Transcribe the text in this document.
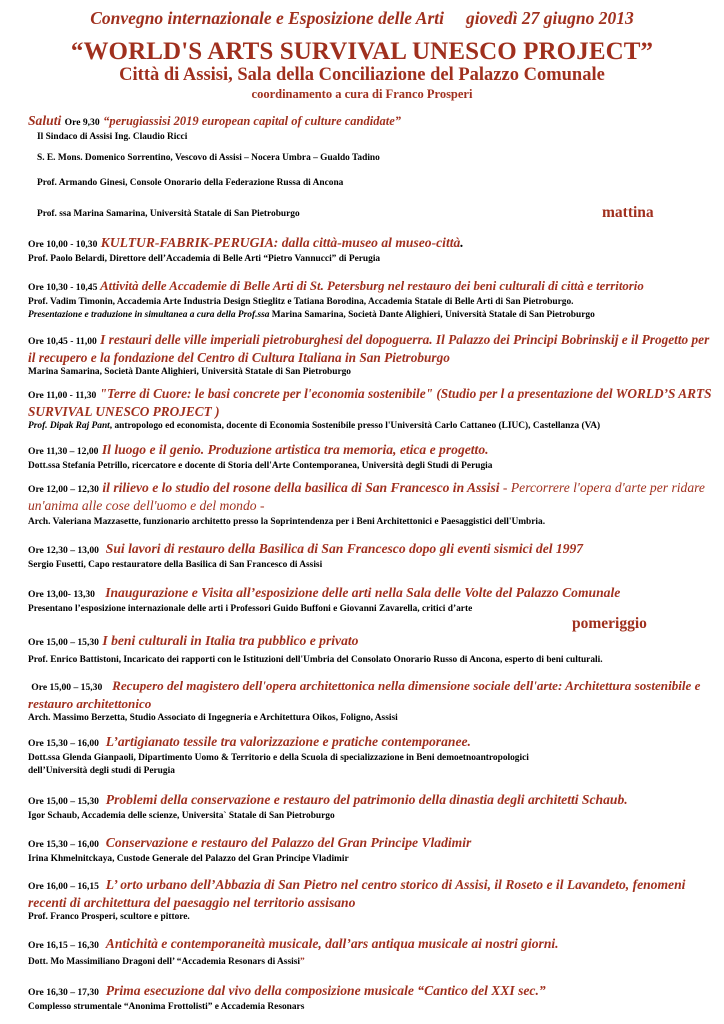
Convegno internazionale e Esposizione delle Arti giovedì 27 giugno 2013
“WORLD'S ARTS SURVIVAL UNESCO PROJECT”
Città di Assisi, Sala della Conciliazione del Palazzo Comunale
coordinamento a cura di Franco Prosperi
Saluti Ore 9,30 “perugiassisi 2019 european capital of culture candidate”
Il Sindaco di Assisi Ing. Claudio Ricci
S. E. Mons. Domenico Sorrentino, Vescovo di Assisi – Nocera Umbra – Gualdo Tadino
Prof. Armando Ginesi, Console Onorario della Federazione Russa di Ancona
Prof. ssa Marina Samarina, Università Statale di San Pietroburgo	mattina
Ore 10,00 - 10,30 KULTUR-FABRIK-PERUGIA: dalla città-museo al museo-città.
Prof. Paolo Belardi, Direttore dell’Accademia di Belle Arti “Pietro Vannucci” di Perugia
Ore 10,30 - 10,45 Attività delle Accademie di Belle Arti di St. Petersburg nel restauro dei beni culturali di città e territorio
Prof. Vadim Timonin, Accademia Arte Industria Design Stieglitz e Tatiana Borodina, Accademia Statale di Belle Arti di San Pietroburgo.
Presentazione e traduzione in simultanea a cura della Prof.ssa Marina Samarina, Società Dante Alighieri, Università Statale di San Pietroburgo
Ore 10,45 - 11,00 I restauri delle ville imperiali pietroburghesi del dopoguerra. Il Palazzo dei Principi Bobrinskij e il Progetto per il recupero e la fondazione del Centro di Cultura Italiana in San Pietroburgo
Marina Samarina, Società Dante Alighieri, Università Statale di San Pietroburgo
Ore 11,00 - 11,30 "Terre di Cuore: le basi concrete per l'economia sostenibile" (Studio per l a presentazione del WORLD’S ARTS SURVIVAL UNESCO PROJECT )
Prof. Dipak Raj Pant, antropologo ed economista, docente di Economia Sostenibile presso l'Università Carlo Cattaneo (LIUC), Castellanza (VA)
Ore 11,30 – 12,00 Il luogo e il genio. Produzione artistica tra memoria, etica e progetto.
Dott.ssa Stefania Petrillo, ricercatore e docente di Storia dell'Arte Contemporanea, Università degli Studi di Perugia
Ore 12,00 – 12,30 il rilievo e lo studio del rosone della basilica di San Francesco in Assisi - Percorrere l'opera d'arte per ridare un'anima alle cose dell'uomo e del mondo -
Arch. Valeriana Mazzasette, funzionario architetto presso la Soprintendenza per i Beni Architettonici e Paesaggistici dell'Umbria.
Ore 12,30 – 13,00 Sui lavori di restauro della Basilica di San Francesco dopo gli eventi sismici del 1997
Sergio Fusetti, Capo restauratore della Basilica di San Francesco di Assisi
Ore 13,00- 13,30 Inaugurazione e Visita all’esposizione delle arti nella Sala delle Volte del Palazzo Comunale
Presentano l’esposizione internazionale delle arti i Professori Guido Buffoni e Giovanni Zavarella, critici d’arte
pomeriggio
Ore 15,00 – 15,30 I beni culturali in Italia tra pubblico e privato
Prof. Enrico Battistoni, Incaricato dei rapporti con le Istituzioni dell'Umbria del Consolato Onorario Russo di Ancona, esperto di beni culturali.
Ore 15,00 – 15,30 Recupero del magistero dell'opera architettonica nella dimensione sociale dell'arte: Architettura sostenibile e restauro architettonico
Arch. Massimo Berzetta, Studio Associato di Ingegneria e Architettura Oikos, Foligno, Assisi
Ore 15,30 – 16,00 L’artigianato tessile tra valorizzazione e pratiche contemporanee.
Dott.ssa Glenda Gianpaoli, Dipartimento Uomo & Territorio e della Scuola di specializzazione in Beni demoetnoantropologici
dell’Università degli studi di Perugia
Ore 15,00 – 15,30 Problemi della conservazione e restauro del patrimonio della dinastia degli architetti Schaub.
Igor Schaub, Accademia delle scienze, Universita` Statale di San Pietroburgo
Ore 15,30 – 16,00 Conservazione e restauro del Palazzo del Gran Principe Vladimir
Irina Khmelnitckaya, Custode Generale del Palazzo del Gran Principe Vladimir
Ore 16,00 – 16,15 L’ orto urbano dell’Abbazia di San Pietro nel centro storico di Assisi, il Roseto e il Lavandeto, fenomeni recenti di architettura del paesaggio nel territorio assisano
Prof. Franco Prosperi, scultore e pittore.
Ore 16,15 – 16,30 Antichità e contemporaneità musicale, dall’ars antiqua musicale ai nostri giorni.
Dott. Mo Massimiliano Dragoni dell’ “Accademia Resonars di Assisi”
Ore 16,30 – 17,30 Prima esecuzione dal vivo della composizione musicale “Cantico del XXI sec.”
Complesso strumentale “Anonima Frottolisti” e Accademia Resonars
